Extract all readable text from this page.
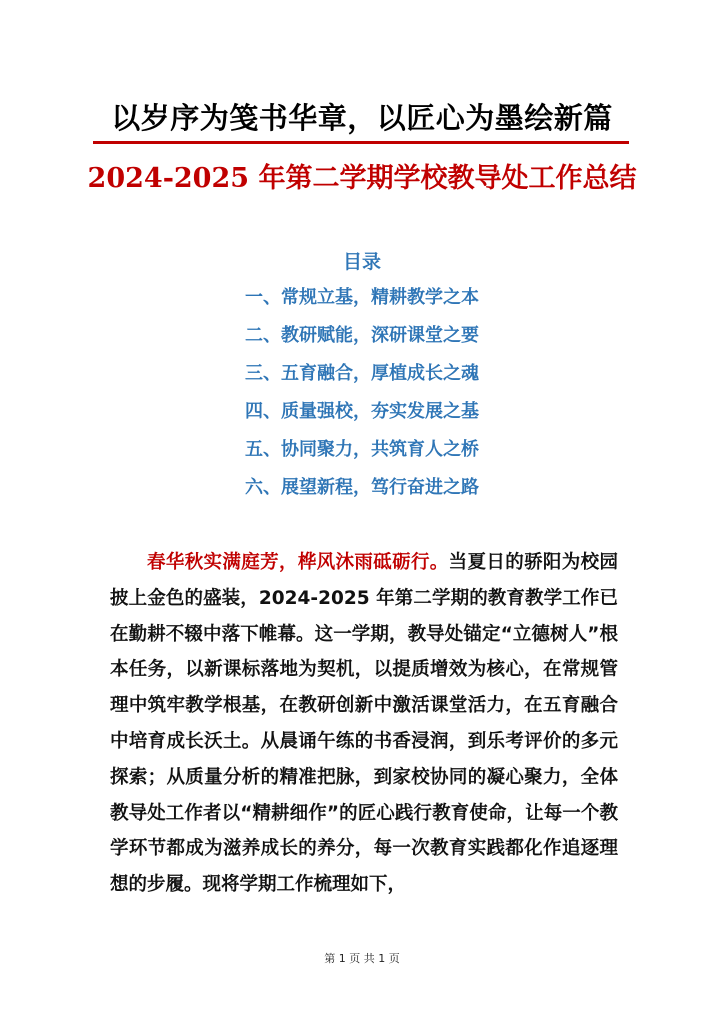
以岁序为笺书华章，以匠心为墨绘新篇
2024-2025 年第二学期学校教导处工作总结
目录
一、常规立基，精耕教学之本
二、教研赋能，深研课堂之要
三、五育融合，厚植成长之魂
四、质量强校，夯实发展之基
五、协同聚力，共筑育人之桥
六、展望新程，笃行奋进之路

春华秋实满庭芳，桦风沐雨砥砺行。当夏日的骄阳为校园披上金色的盛装，2024-2025 年第二学期的教育教学工作已在勤耕不辍中落下帷幕。这一学期，教导处锚定“立德树人”根本任务，以新课标落地为契机，以提质增效为核心，在常规管理中筑牢教学根基，在教研创新中激活课堂活力，在五育融合中培育成长沃土。从晨诵午练的书香浸润，到乐考评价的多元探索；从质量分析的精准把脉，到家校协同的凝心聚力，全体教导处工作者以“精耕细作”的匠心践行教育使命，让每一个教学环节都成为滋养成长的养分，每一次教育实践都化作追逐理想的步履。现将学期工作梳理如下，

第 1 页 共 1 页
